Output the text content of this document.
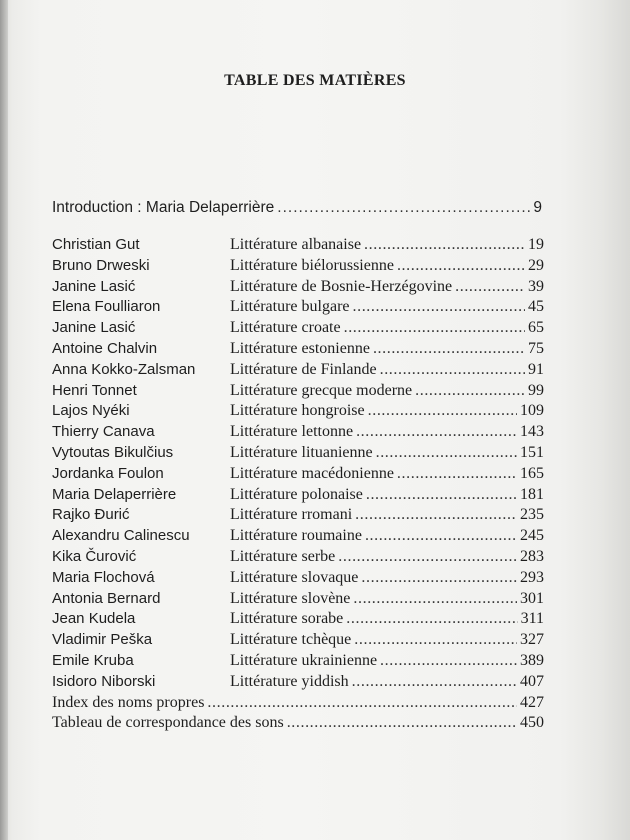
TABLE DES MATIÈRES
Introduction : Maria Delaperrière .....	9
Christian Gut	Littérature albanaise .....	19
Bruno Drweski	Littérature biélorussienne .....	29
Janine Lasić	Littérature de Bosnie-Herzégovine .....	39
Elena Foulliaron	Littérature bulgare .....	45
Janine Lasić	Littérature croate .....	65
Antoine Chalvin	Littérature estonienne .....	75
Anna Kokko-Zalsman Littérature de Finlande .....	91
Henri Tonnet	Littérature grecque moderne .....	99
Lajos Nyéki	Littérature hongroise .....	109
Thierry Canava	Littérature lettonne .....	143
Vytoutas Bikulčius	Littérature lituanienne .....	151
Jordanka Foulon	Littérature macédonienne .....	165
Maria Delaperrière	Littérature polonaise .....	181
Rajko Đurić	Littérature rromani .....	235
Alexandru Calinescu	Littérature roumaine .....	245
Kika Čurović	Littérature serbe .....	283
Maria Flochová	Littérature slovaque .....	293
Antonia Bernard	Littérature slovène .....	301
Jean Kudela	Littérature sorabe .....	311
Vladimir Peška	Littérature tchèque .....	327
Emile Kruba	Littérature ukrainienne .....	389
Isidoro Niborski	Littérature yiddish .....	407
Index des noms propres .....	427
Tableau de correspondance des sons .....	450
